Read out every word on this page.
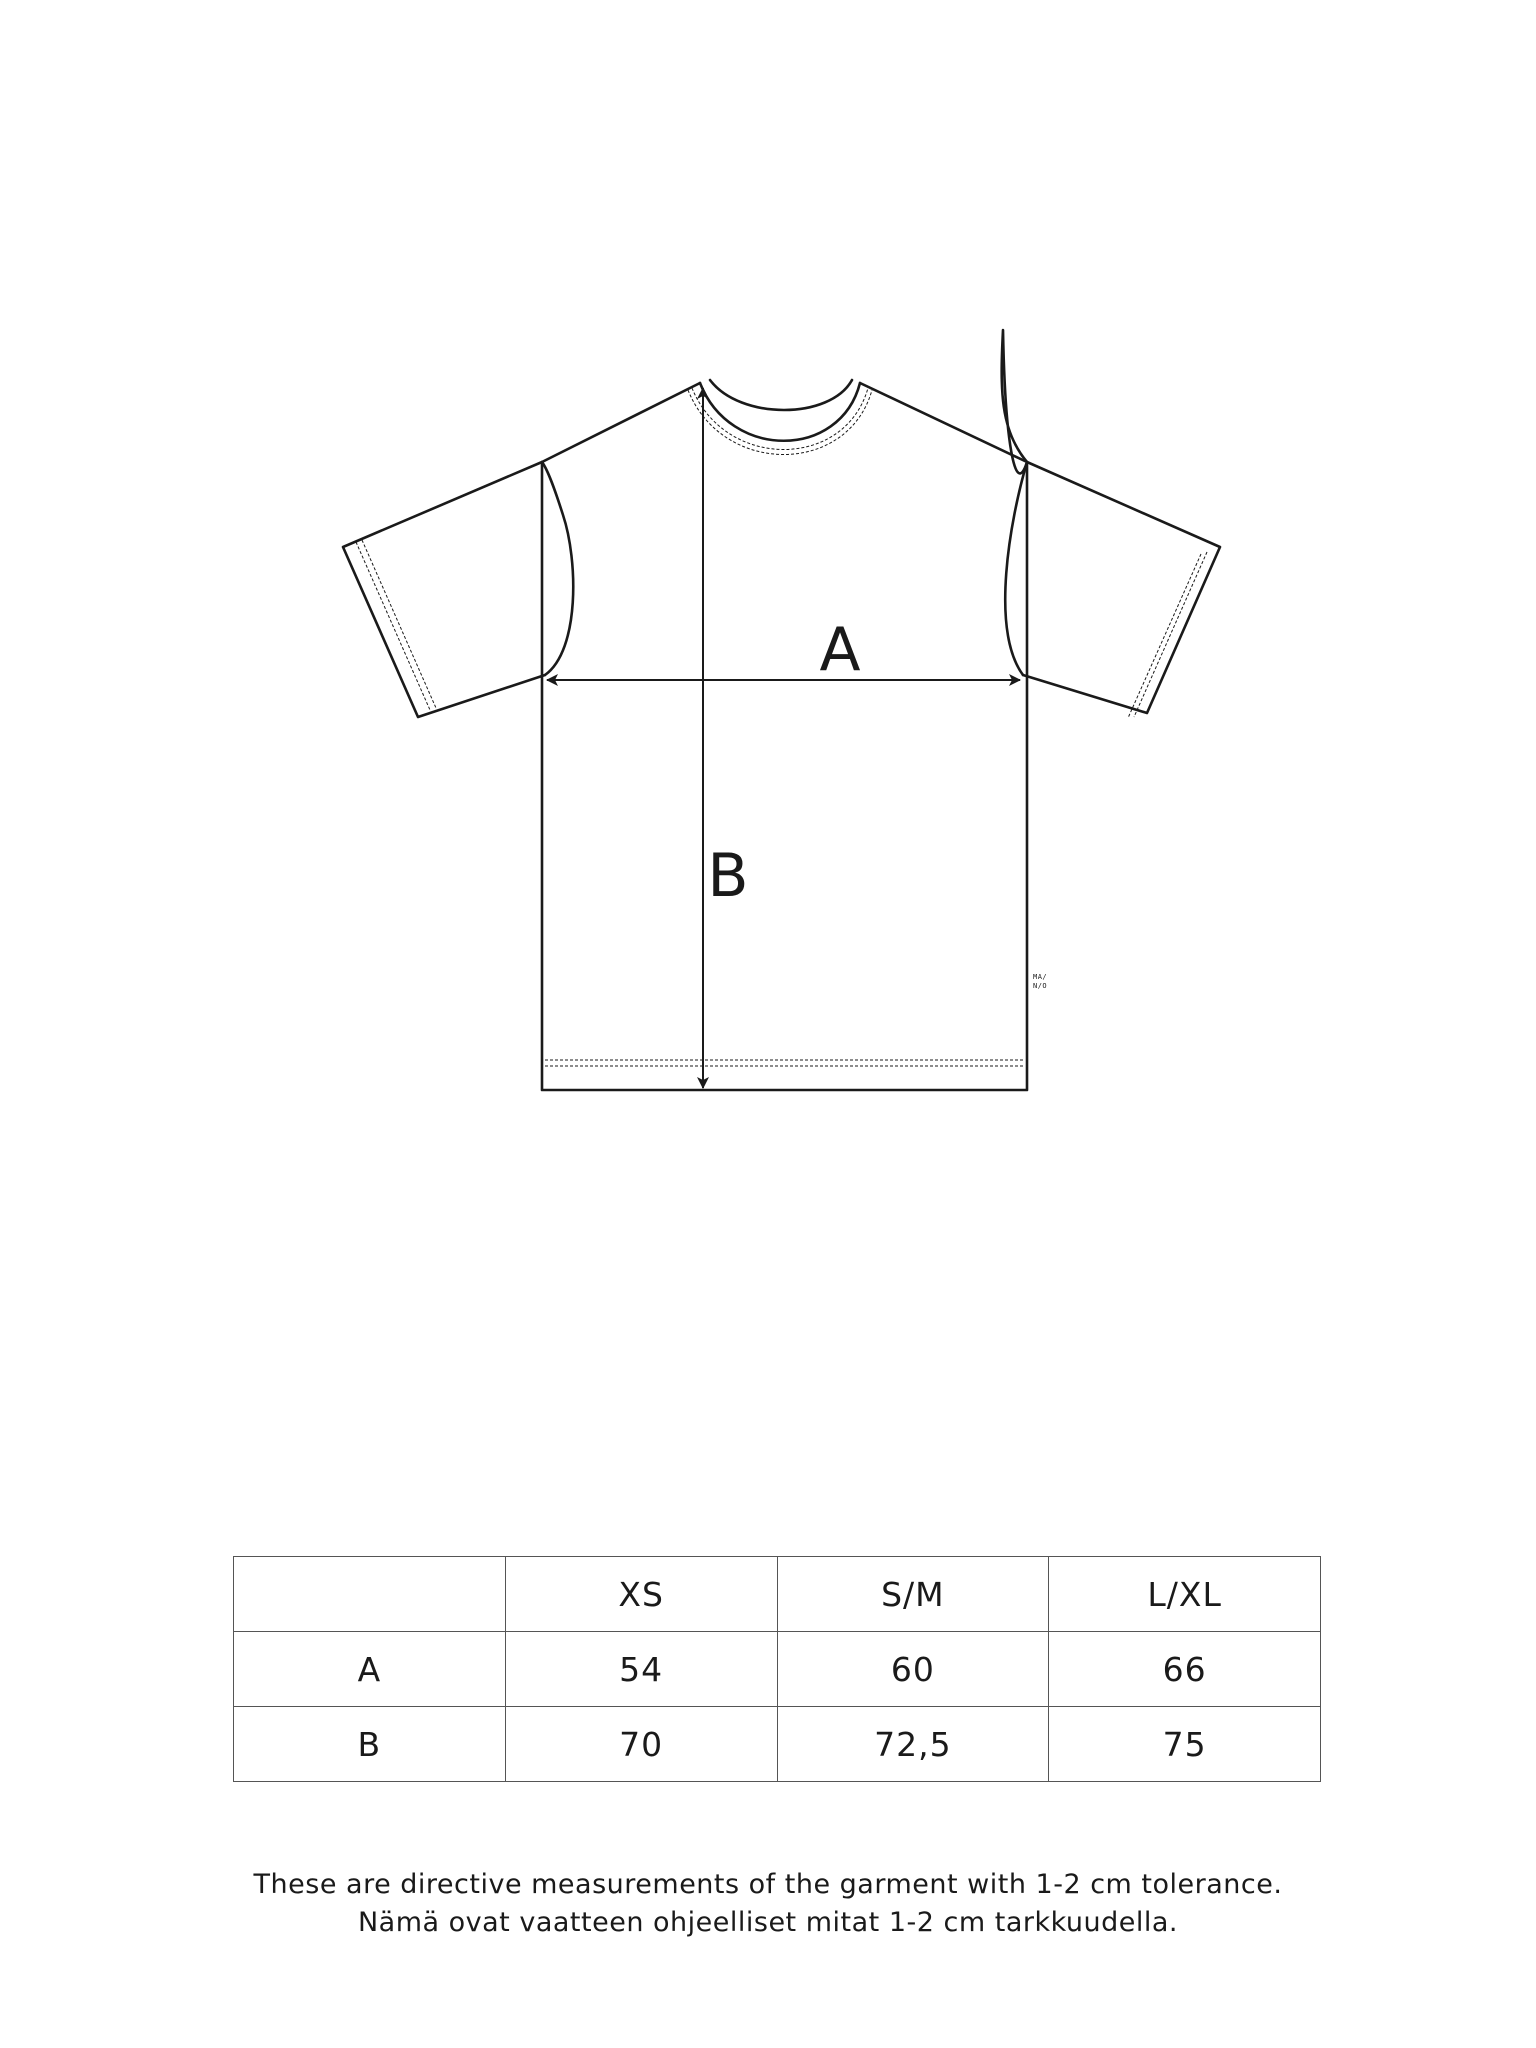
A
B
MA/
N/O
	XS	S/M	L/XL
A	54	60	66
B	70	72,5	75
These are directive measurements of the garment with 1-2 cm tolerance.
Nämä ovat vaatteen ohjeelliset mitat 1-2 cm tarkkuudella.
